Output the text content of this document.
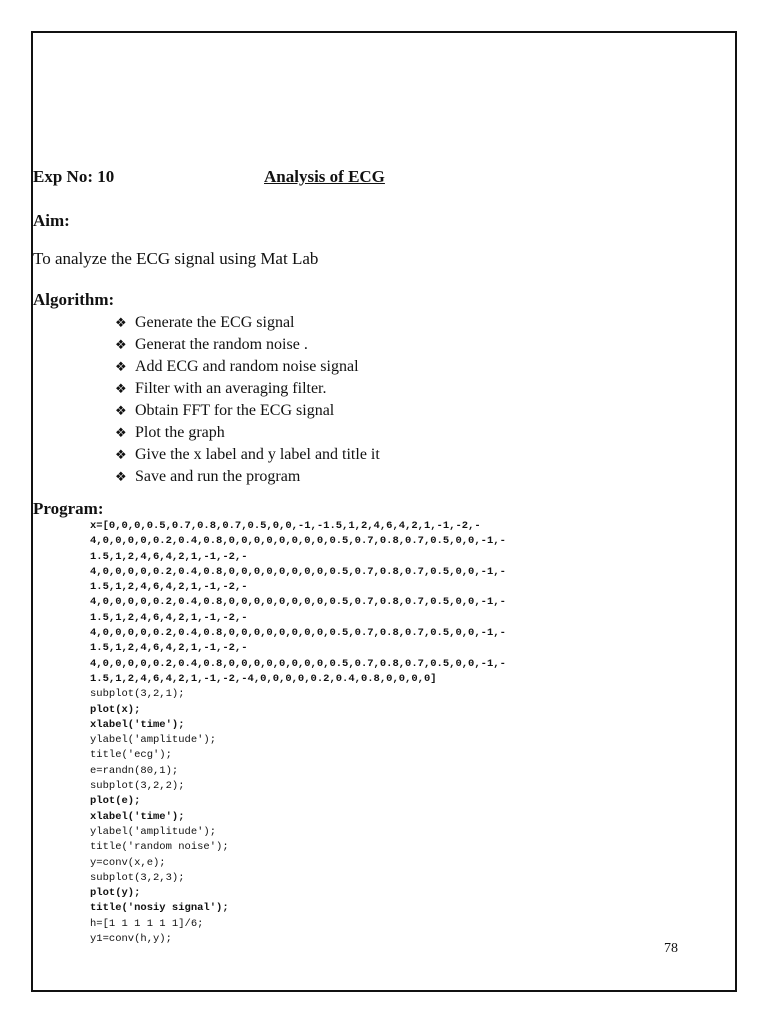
Exp No: 10	Analysis of ECG
Aim:
To analyze the ECG signal using Mat Lab
Algorithm:
❖ Generate the ECG signal
❖ Generat the random noise .
❖ Add ECG and random noise signal
❖ Filter with an averaging filter.
❖ Obtain FFT for the ECG signal
❖ Plot the graph
❖ Give the x label and y label and title it
❖ Save and run the program
Program:
x=[0,0,0,0.5,0.7,0.8,0.7,0.5,0,0,-1,-1.5,1,2,4,6,4,2,1,-1,-2,-
4,0,0,0,0,0.2,0.4,0.8,0,0,0,0,0,0,0,0,0.5,0.7,0.8,0.7,0.5,0,0,-1,-
1.5,1,2,4,6,4,2,1,-1,-2,-
4,0,0,0,0,0.2,0.4,0.8,0,0,0,0,0,0,0,0,0.5,0.7,0.8,0.7,0.5,0,0,-1,-
1.5,1,2,4,6,4,2,1,-1,-2,-
4,0,0,0,0,0.2,0.4,0.8,0,0,0,0,0,0,0,0,0.5,0.7,0.8,0.7,0.5,0,0,-1,-
1.5,1,2,4,6,4,2,1,-1,-2,-
4,0,0,0,0,0.2,0.4,0.8,0,0,0,0,0,0,0,0,0.5,0.7,0.8,0.7,0.5,0,0,-1,-
1.5,1,2,4,6,4,2,1,-1,-2,-
4,0,0,0,0,0.2,0.4,0.8,0,0,0,0,0,0,0,0,0.5,0.7,0.8,0.7,0.5,0,0,-1,-
1.5,1,2,4,6,4,2,1,-1,-2,-4,0,0,0,0,0.2,0.4,0.8,0,0,0,0]
subplot(3,2,1);
plot(x);
xlabel('time');
ylabel('amplitude');
title('ecg');
e=randn(80,1);
subplot(3,2,2);
plot(e);
xlabel('time');
ylabel('amplitude');
title('random noise');
y=conv(x,e);
subplot(3,2,3);
plot(y);
title('nosiy signal');
h=[1 1 1 1 1 1]/6;
y1=conv(h,y);
78
